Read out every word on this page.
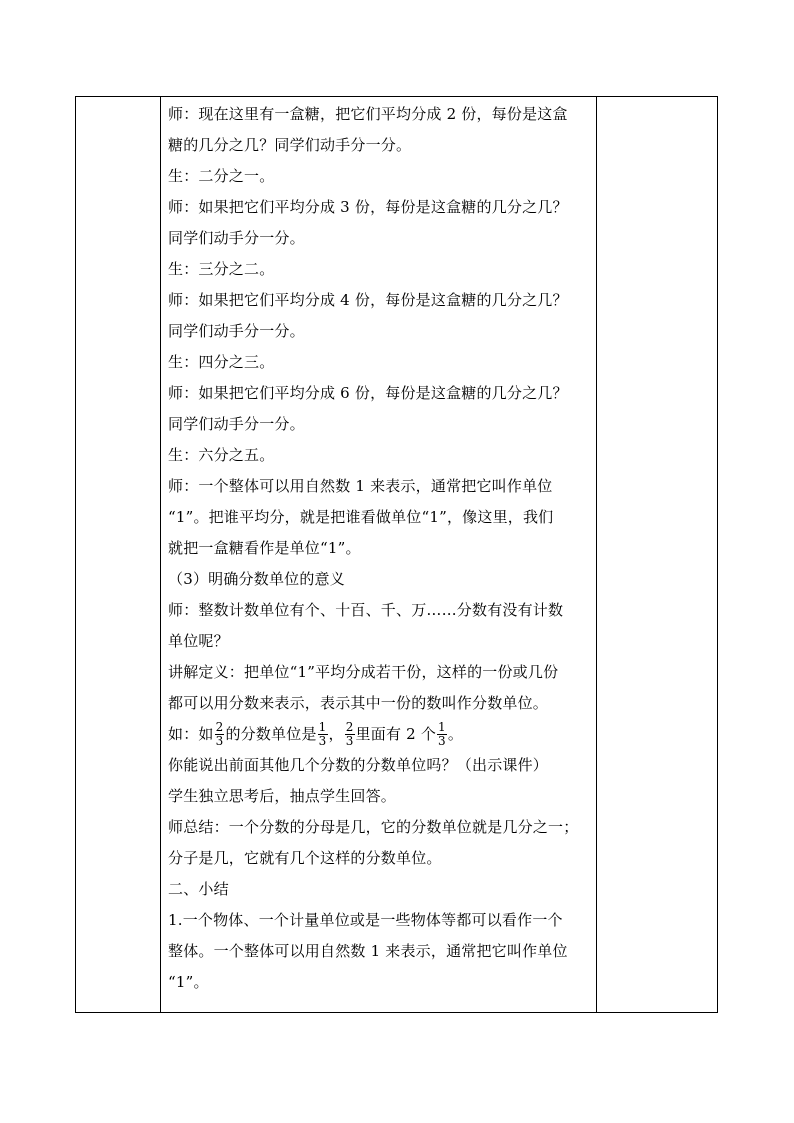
师：现在这里有一盒糖，把它们平均分成 2 份，每份是这盒
糖的几分之几？同学们动手分一分。
生：二分之一。
师：如果把它们平均分成 3 份，每份是这盒糖的几分之几？
同学们动手分一分。
生：三分之二。
师：如果把它们平均分成 4 份，每份是这盒糖的几分之几？
同学们动手分一分。
生：四分之三。
师：如果把它们平均分成 6 份，每份是这盒糖的几分之几？
同学们动手分一分。
生：六分之五。
师：一个整体可以用自然数 1 来表示，通常把它叫作单位
“1”。把谁平均分，就是把谁看做单位“1”，像这里，我们
就把一盒糖看作是单位“1”。
（3）明确分数单位的意义
师：整数计数单位有个、十百、千、万……分数有没有计数
单位呢？
讲解定义：把单位“1”平均分成若干份，这样的一份或几份
都可以用分数来表示，表示其中一份的数叫作分数单位。
如：如 $\frac{2}{3}$ 的分数单位是 $\frac{1}{3}$ ， $\frac{2}{3}$ 里面有 2 个 $\frac{1}{3}$ 。
你能说出前面其他几个分数的分数单位吗？（出示课件）
学生独立思考后，抽点学生回答。
师总结：一个分数的分母是几，它的分数单位就是几分之一；
分子是几，它就有几个这样的分数单位。
二、小结
1.一个物体、一个计量单位或是一些物体等都可以看作一个
整体。一个整体可以用自然数 1 来表示，通常把它叫作单位
“1”。
